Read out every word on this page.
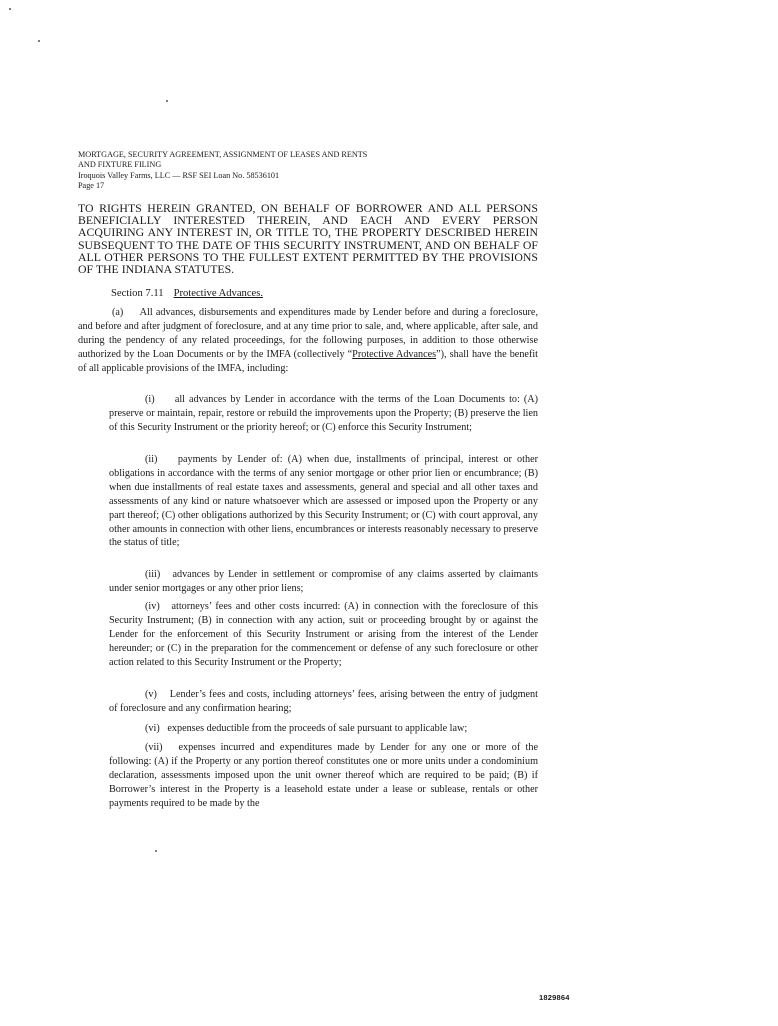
MORTGAGE, SECURITY AGREEMENT, ASSIGNMENT OF LEASES AND RENTS
AND FIXTURE FILING
Iroquois Valley Farms, LLC — RSF SEI Loan No. 58536101
Page 17

TO RIGHTS HEREIN GRANTED, ON BEHALF OF BORROWER AND ALL PERSONS BENEFICIALLY INTERESTED THEREIN, AND EACH AND EVERY PERSON ACQUIRING ANY INTEREST IN, OR TITLE TO, THE PROPERTY DESCRIBED HEREIN SUBSEQUENT TO THE DATE OF THIS SECURITY INSTRUMENT, AND ON BEHALF OF ALL OTHER PERSONS TO THE FULLEST EXTENT PERMITTED BY THE PROVISIONS OF THE INDIANA STATUTES.

Section 7.11 Protective Advances.

(a) All advances, disbursements and expenditures made by Lender before and during a foreclosure, and before and after judgment of foreclosure, and at any time prior to sale, and, where applicable, after sale, and during the pendency of any related proceedings, for the following purposes, in addition to those otherwise authorized by the Loan Documents or by the IMFA (collectively “Protective Advances”), shall have the benefit of all applicable provisions of the IMFA, including:

(i) all advances by Lender in accordance with the terms of the Loan Documents to: (A) preserve or maintain, repair, restore or rebuild the improvements upon the Property; (B) preserve the lien of this Security Instrument or the priority hereof; or (C) enforce this Security Instrument;

(ii) payments by Lender of: (A) when due, installments of principal, interest or other obligations in accordance with the terms of any senior mortgage or other prior lien or encumbrance; (B) when due installments of real estate taxes and assessments, general and special and all other taxes and assessments of any kind or nature whatsoever which are assessed or imposed upon the Property or any part thereof; (C) other obligations authorized by this Security Instrument; or (C) with court approval, any other amounts in connection with other liens, encumbrances or interests reasonably necessary to preserve the status of title;

(iii) advances by Lender in settlement or compromise of any claims asserted by claimants under senior mortgages or any other prior liens;

(iv) attorneys’ fees and other costs incurred: (A) in connection with the foreclosure of this Security Instrument; (B) in connection with any action, suit or proceeding brought by or against the Lender for the enforcement of this Security Instrument or arising from the interest of the Lender hereunder; or (C) in the preparation for the commencement or defense of any such foreclosure or other action related to this Security Instrument or the Property;

(v) Lender’s fees and costs, including attorneys’ fees, arising between the entry of judgment of foreclosure and any confirmation hearing;

(vi) expenses deductible from the proceeds of sale pursuant to applicable law;

(vii) expenses incurred and expenditures made by Lender for any one or more of the following: (A) if the Property or any portion thereof constitutes one or more units under a condominium declaration, assessments imposed upon the unit owner thereof which are required to be paid; (B) if Borrower’s interest in the Property is a leasehold estate under a lease or sublease, rentals or other payments required to be made by the

1829864
